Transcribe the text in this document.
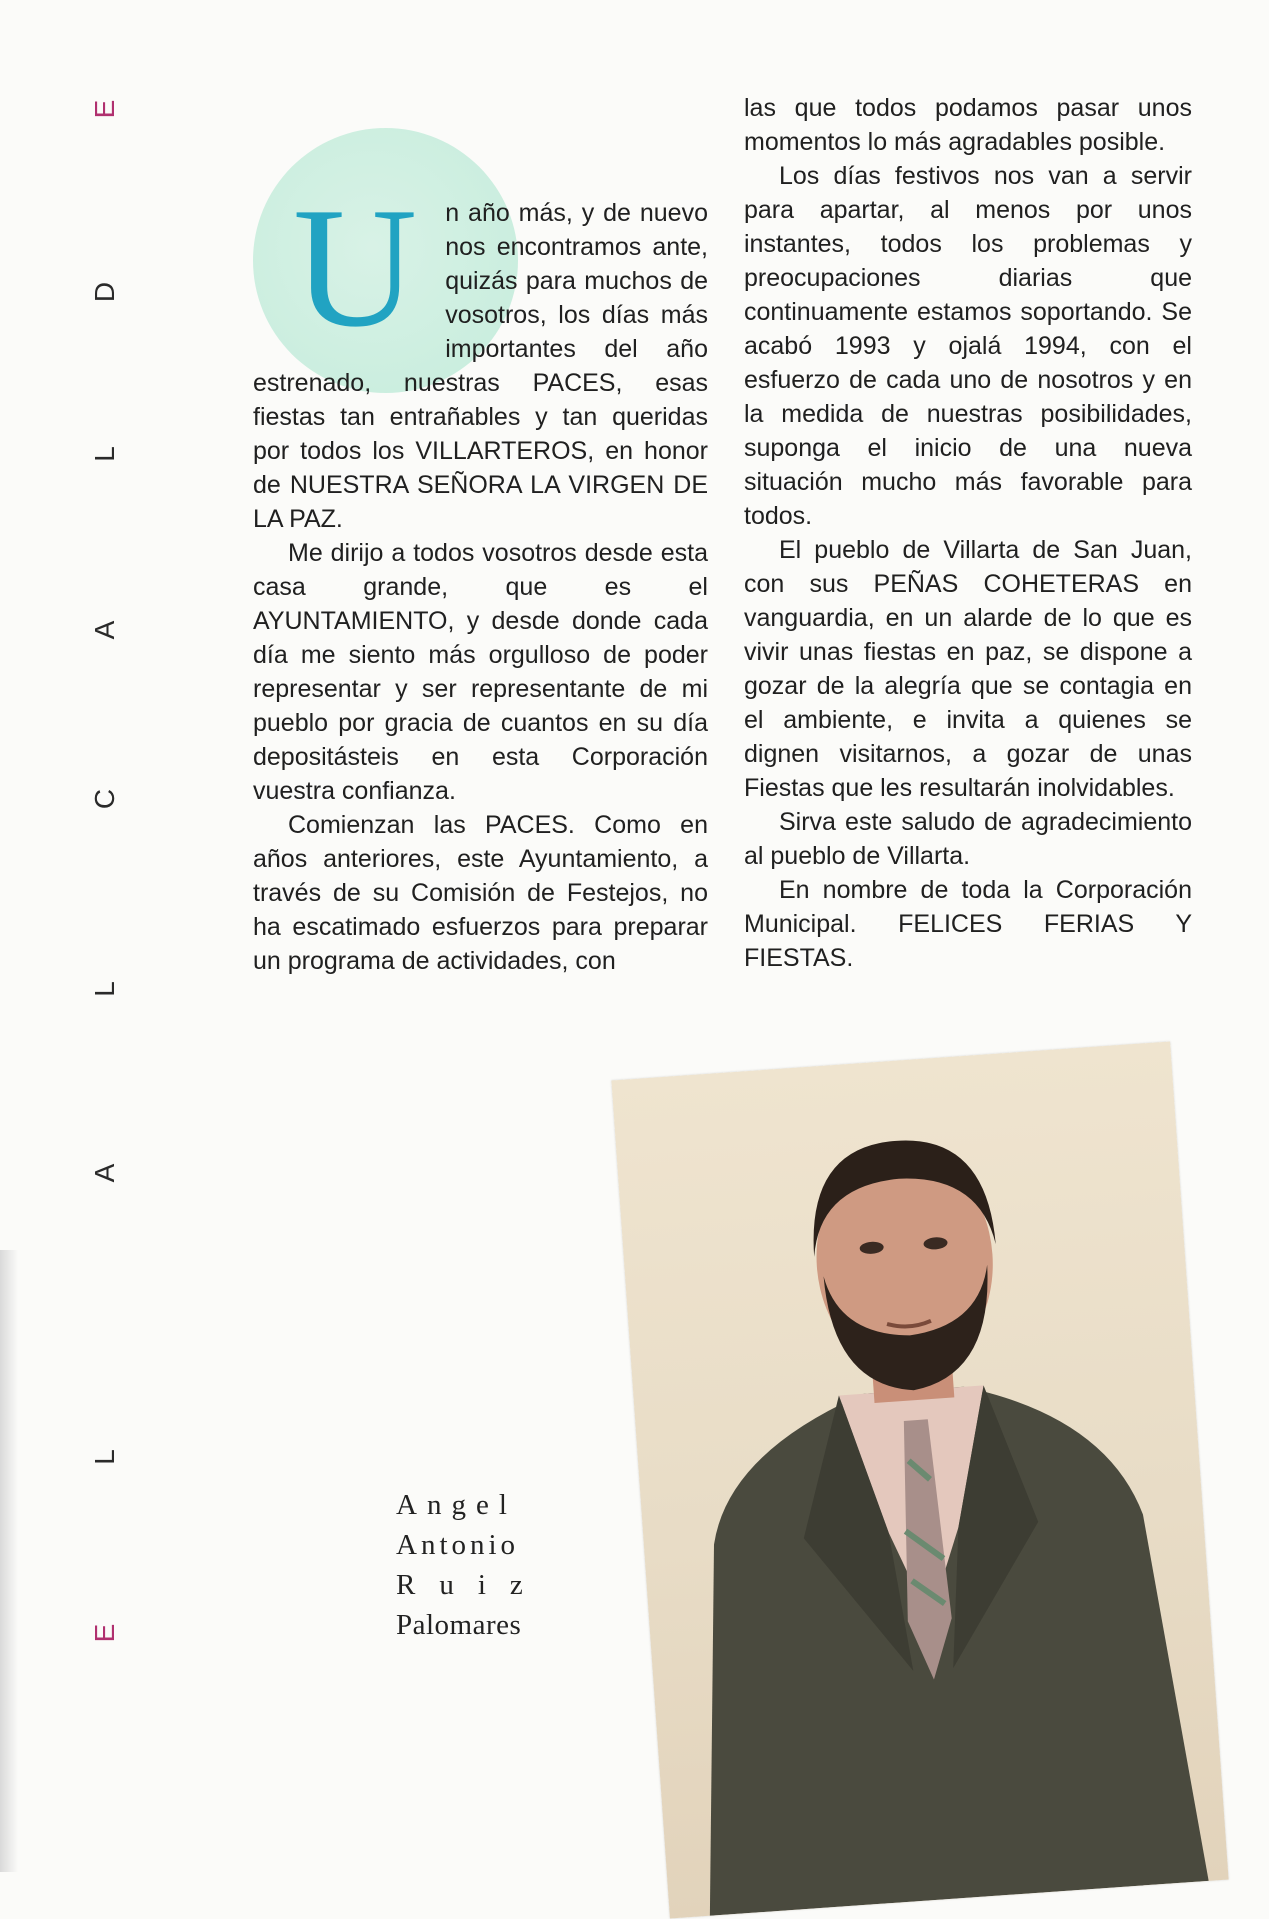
E
D
L
A
C
L
A
L
E

U n año más, y de nuevo nos encontramos ante, quizás para muchos de vosotros, los días más importantes del año estrenado, nuestras PACES, esas fiestas tan entrañables y tan queridas por todos los VILLARTEROS, en honor de NUESTRA SEÑORA LA VIRGEN DE LA PAZ.

Me dirijo a todos vosotros desde esta casa grande, que es el AYUNTAMIENTO, y desde donde cada día me siento más orgulloso de poder representar y ser representante de mi pueblo por gracia de cuantos en su día depositásteis en esta Corporación vuestra confianza.

Comienzan las PACES. Como en años anteriores, este Ayuntamiento, a través de su Comisión de Festejos, no ha escatimado esfuerzos para preparar un programa de actividades, con

las que todos podamos pasar unos momentos lo más agradables posible.

Los días festivos nos van a servir para apartar, al menos por unos instantes, todos los problemas y preocupaciones diarias que continuamente estamos soportando. Se acabó 1993 y ojalá 1994, con el esfuerzo de cada uno de nosotros y en la medida de nuestras posibilidades, suponga el inicio de una nueva situación mucho más favorable para todos.

El pueblo de Villarta de San Juan, con sus PEÑAS COHETERAS en vanguardia, en un alarde de lo que es vivir unas fiestas en paz, se dispone a gozar de la alegría que se contagia en el ambiente, e invita a quienes se dignen visitarnos, a gozar de unas Fiestas que les resultarán inolvidables.

Sirva este saludo de agradecimiento al pueblo de Villarta.

En nombre de toda la Corporación Municipal. FELICES FERIAS Y FIESTAS.

Angel
Antonio
Ruiz
Palomares
